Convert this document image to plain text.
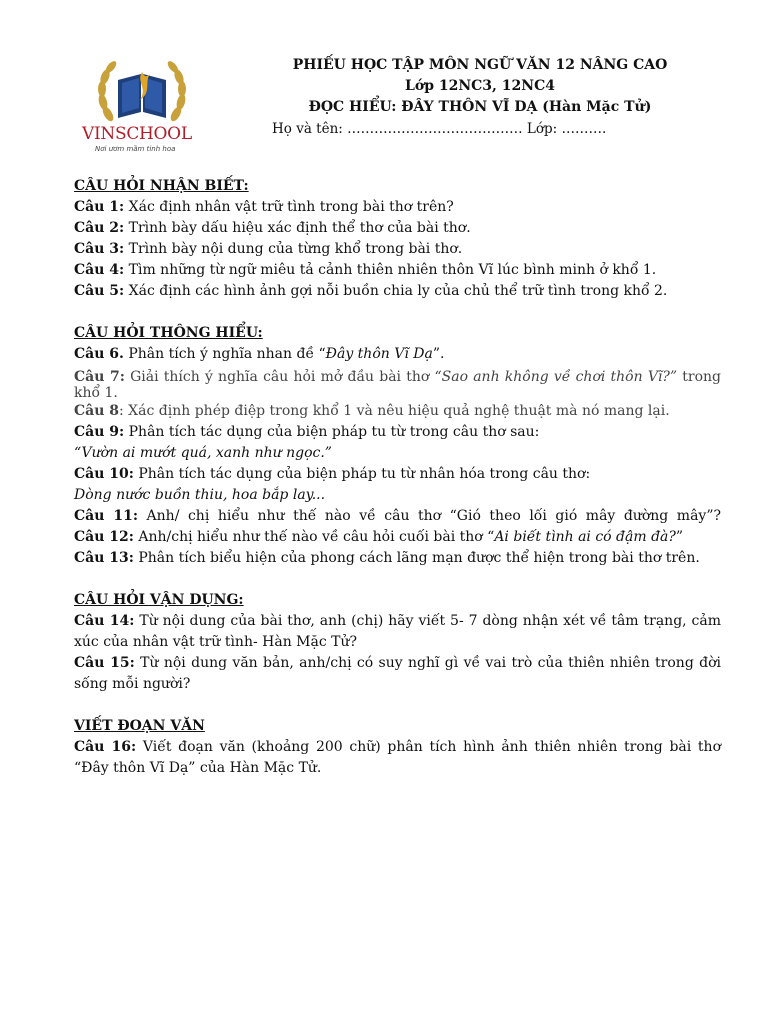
VINSCHOOL
Nơi ươm mầm tinh hoa
PHIẾU HỌC TẬP MÔN NGỮ VĂN 12 NÂNG CAO
Lớp 12NC3, 12NC4
ĐỌC HIỂU: ĐÂY THÔN VĨ DẠ (Hàn Mặc Tử)
Họ và tên: ………………………………… Lớp: ……….

CÂU HỎI NHẬN BIẾT:

Câu 1: Xác định nhân vật trữ tình trong bài thơ trên?

Câu 2: Trình bày dấu hiệu xác định thể thơ của bài thơ.

Câu 3: Trình bày nội dung của từng khổ trong bài thơ.

Câu 4: Tìm những từ ngữ miêu tả cảnh thiên nhiên thôn Vĩ lúc bình minh ở khổ 1.

Câu 5: Xác định các hình ảnh gợi nỗi buồn chia ly của chủ thể trữ tình trong khổ 2.

CÂU HỎI THÔNG HIỂU:

Câu 6. Phân tích ý nghĩa nhan đề “Đây thôn Vĩ Dạ”.

Câu 7: Giải thích ý nghĩa câu hỏi mở đầu bài thơ “Sao anh không về chơi thôn Vĩ?” trong khổ 1.

Câu 8: Xác định phép điệp trong khổ 1 và nêu hiệu quả nghệ thuật mà nó mang lại.

Câu 9: Phân tích tác dụng của biện pháp tu từ trong câu thơ sau:

“Vườn ai mướt quá, xanh như ngọc.”

Câu 10: Phân tích tác dụng của biện pháp tu từ nhân hóa trong câu thơ:

Dòng nước buồn thiu, hoa bắp lay...

Câu 11: Anh/ chị hiểu như thế nào về câu thơ “Gió theo lối gió mây đường mây”?

Câu 12: Anh/chị hiểu như thế nào về câu hỏi cuối bài thơ “Ai biết tình ai có đậm đà?”

Câu 13: Phân tích biểu hiện của phong cách lãng mạn được thể hiện trong bài thơ trên.

CÂU HỎI VẬN DỤNG:

Câu 14: Từ nội dung của bài thơ, anh (chị) hãy viết 5- 7 dòng nhận xét về tâm trạng, cảm xúc của nhân vật trữ tình- Hàn Mặc Tử?

Câu 15: Từ nội dung văn bản, anh/chị có suy nghĩ gì về vai trò của thiên nhiên trong đời sống mỗi người?

VIẾT ĐOẠN VĂN

Câu 16: Viết đoạn văn (khoảng 200 chữ) phân tích hình ảnh thiên nhiên trong bài thơ “Đây thôn Vĩ Dạ” của Hàn Mặc Tử.
